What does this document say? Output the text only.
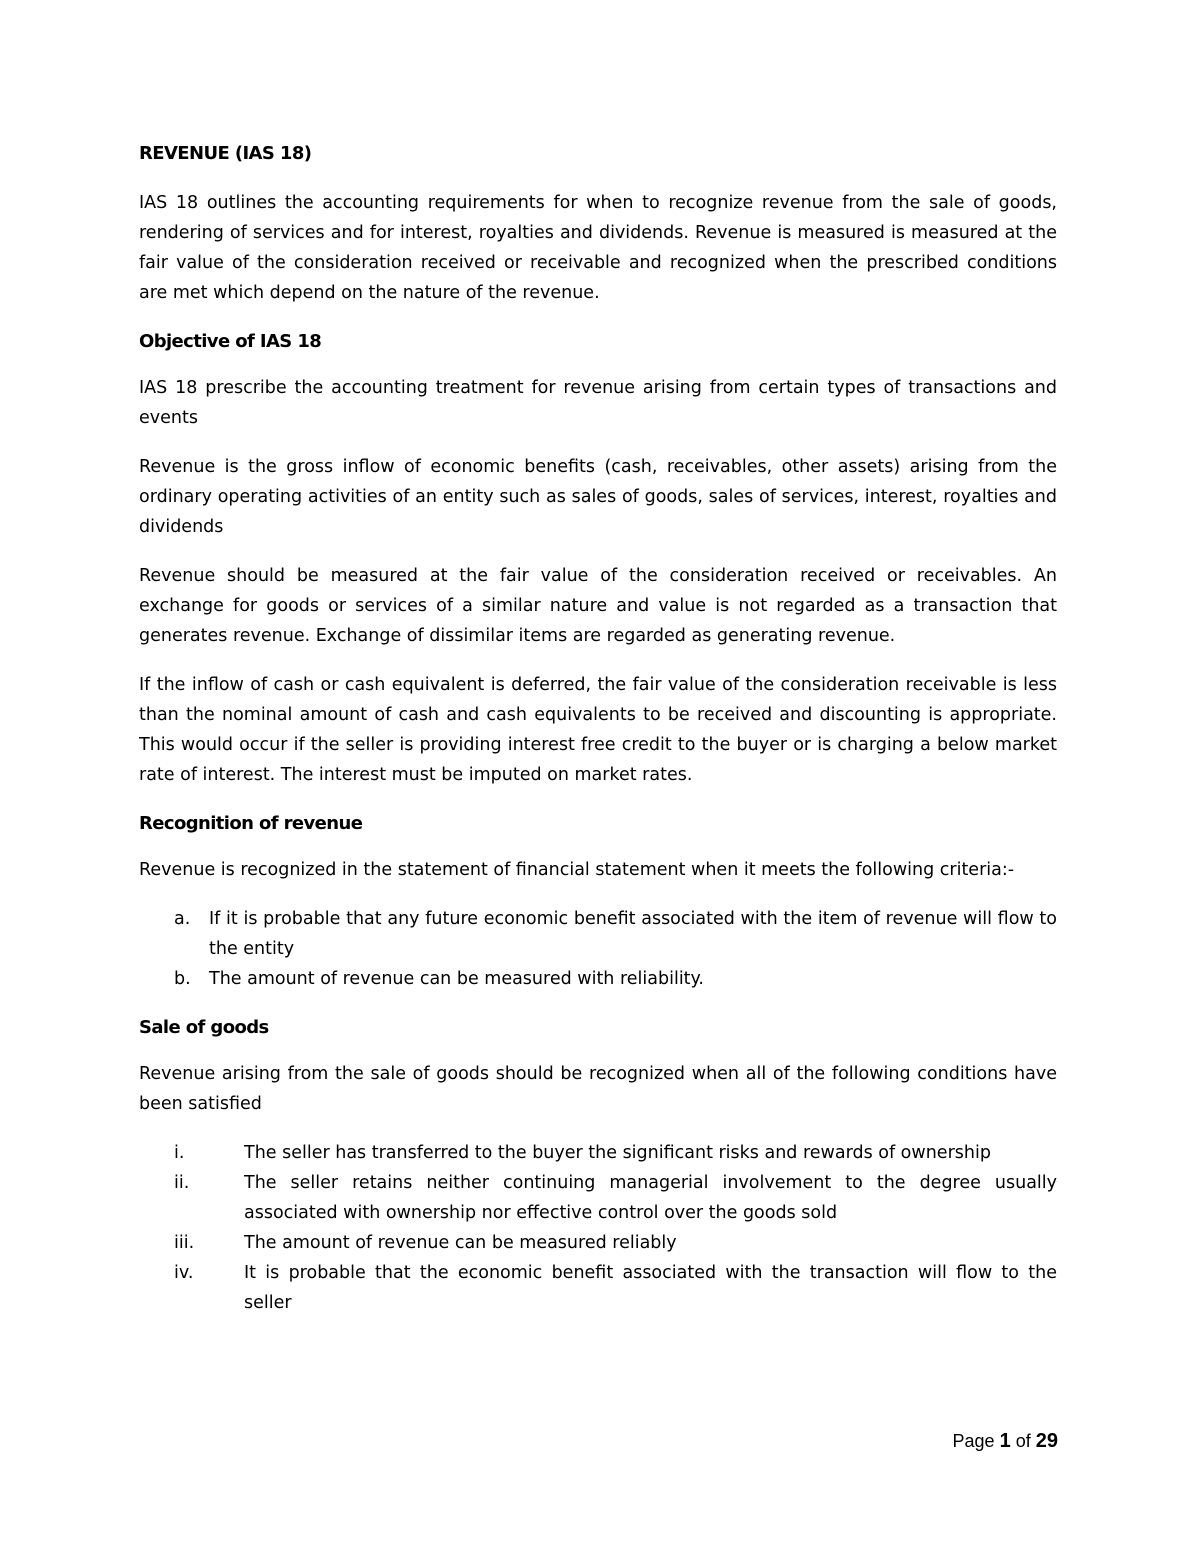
REVENUE (IAS 18)

IAS 18 outlines the accounting requirements for when to recognize revenue from the sale of goods, rendering of services and for interest, royalties and dividends. Revenue is measured is measured at the fair value of the consideration received or receivable and recognized when the prescribed conditions are met which depend on the nature of the revenue.

Objective of IAS 18

IAS 18 prescribe the accounting treatment for revenue arising from certain types of transactions and events

Revenue is the gross inflow of economic benefits (cash, receivables, other assets) arising from the ordinary operating activities of an entity such as sales of goods, sales of services, interest, royalties and dividends

Revenue should be measured at the fair value of the consideration received or receivables. An exchange for goods or services of a similar nature and value is not regarded as a transaction that generates revenue. Exchange of dissimilar items are regarded as generating revenue.

If the inflow of cash or cash equivalent is deferred, the fair value of the consideration receivable is less than the nominal amount of cash and cash equivalents to be received and discounting is appropriate. This would occur if the seller is providing interest free credit to the buyer or is charging a below market rate of interest. The interest must be imputed on market rates.

Recognition of revenue

Revenue is recognized in the statement of financial statement when it meets the following criteria:-

a.	If it is probable that any future economic benefit associated with the item of revenue will flow to the entity
b.	The amount of revenue can be measured with reliability.
Sale of goods

Revenue arising from the sale of goods should be recognized when all of the following conditions have been satisfied

i.	The seller has transferred to the buyer the significant risks and rewards of ownership
ii.	The seller retains neither continuing managerial involvement to the degree usually associated with ownership nor effective control over the goods sold
iii.	The amount of revenue can be measured reliably
iv.	It is probable that the economic benefit associated with the transaction will flow to the seller
Page 1 of 29
